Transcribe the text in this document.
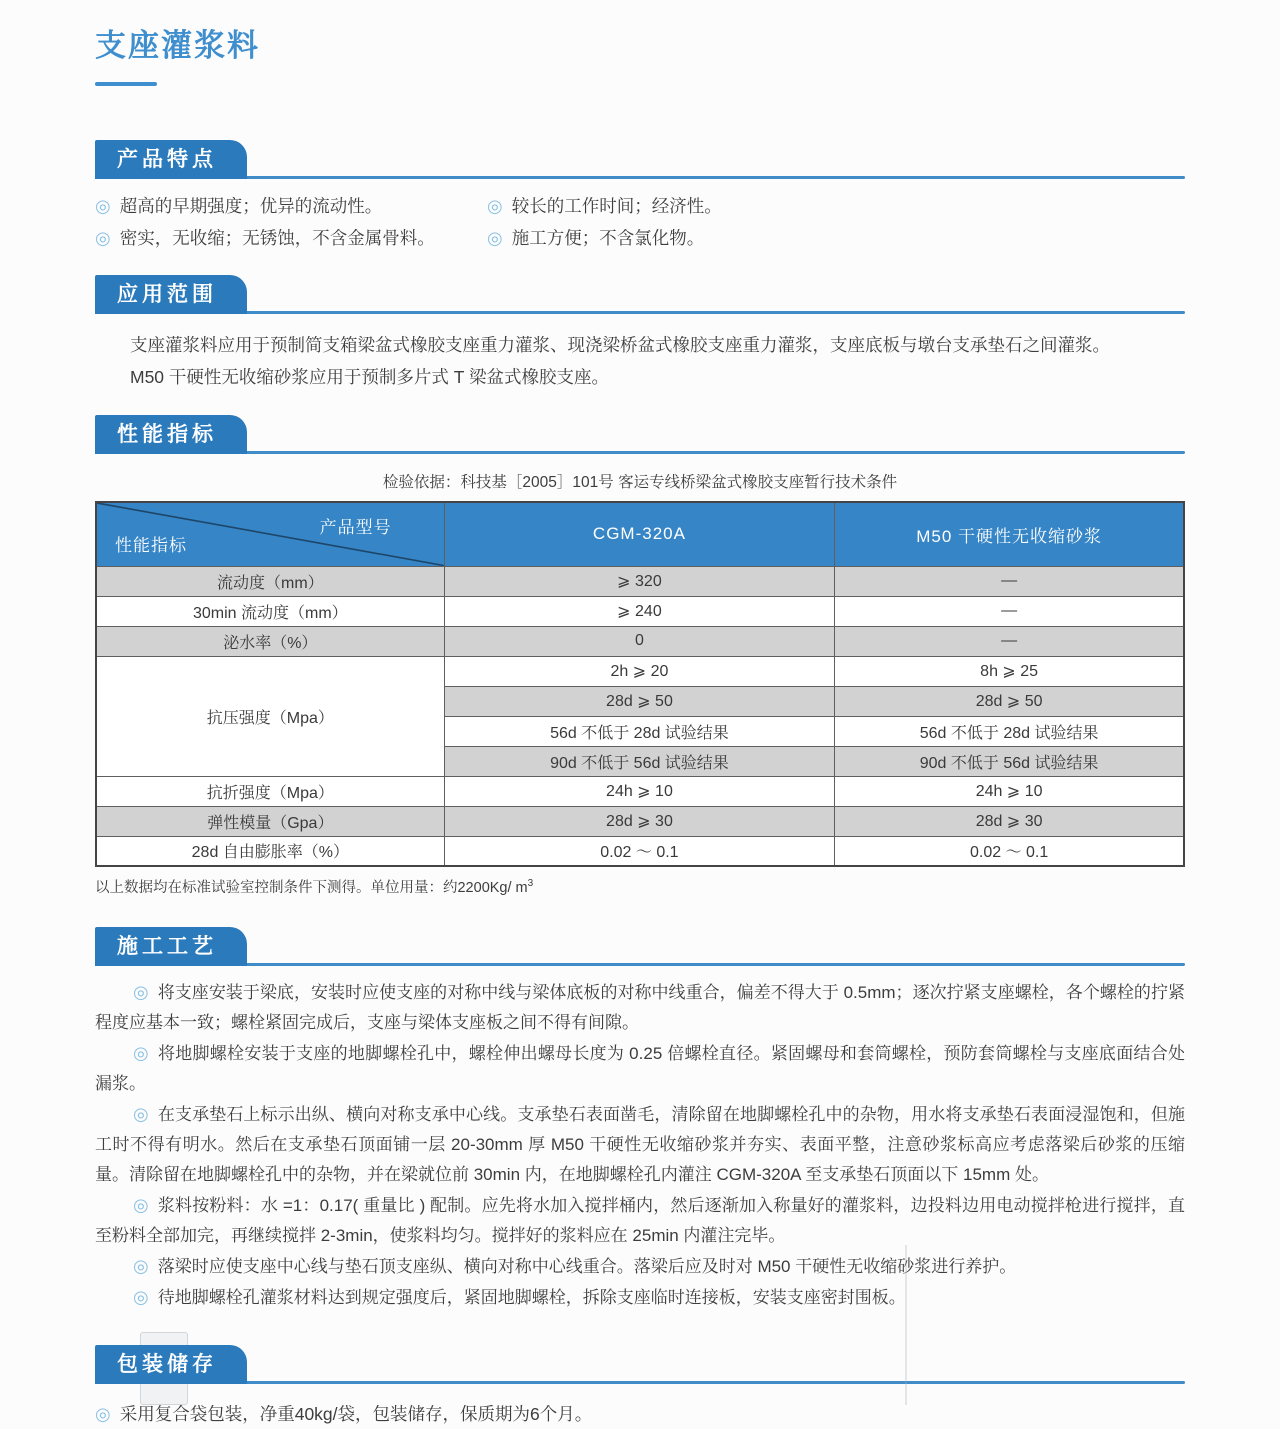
支座灌浆料
产品特点
◎ 超高的早期强度；优异的流动性。	◎ 较长的工作时间；经济性。
◎ 密实，无收缩；无锈蚀，不含金属骨料。	◎ 施工方便；不含氯化物。
应用范围

支座灌浆料应用于预制简支箱梁盆式橡胶支座重力灌浆、现浇梁桥盆式橡胶支座重力灌浆，支座底板与墩台支承垫石之间灌浆。

M50 干硬性无收缩砂浆应用于预制多片式 T 梁盆式橡胶支座。

性能指标
检验依据：科技基［2005］101号 客运专线桥梁盆式橡胶支座暂行技术条件
产品型号
性能指标	CGM-320A	M50 干硬性无收缩砂浆
流动度（mm）	⩾ 320	—
30min 流动度（mm）	⩾ 240	—
泌水率（%）	0	—
抗压强度（Mpa）	2h ⩾ 20	8h ⩾ 25
	28d ⩾ 50	28d ⩾ 50
	56d 不低于 28d 试验结果	56d 不低于 28d 试验结果
	90d 不低于 56d 试验结果	90d 不低于 56d 试验结果
抗折强度（Mpa）	24h ⩾ 10	24h ⩾ 10
弹性模量（Gpa）	28d ⩾ 30	28d ⩾ 30
28d 自由膨胀率（%）	0.02 ～ 0.1	0.02 ～ 0.1
以上数据均在标准试验室控制条件下测得。单位用量：约2200Kg/ $m^3$
施工工艺

◎ 将支座安装于梁底，安装时应使支座的对称中线与梁体底板的对称中线重合，偏差不得大于 0.5mm；逐次拧紧支座螺栓，各个螺栓的拧紧程度应基本一致；螺栓紧固完成后，支座与梁体支座板之间不得有间隙。

◎ 将地脚螺栓安装于支座的地脚螺栓孔中，螺栓伸出螺母长度为 0.25 倍螺栓直径。紧固螺母和套筒螺栓，预防套筒螺栓与支座底面结合处漏浆。

◎ 在支承垫石上标示出纵、横向对称支承中心线。支承垫石表面凿毛，清除留在地脚螺栓孔中的杂物，用水将支承垫石表面浸湿饱和，但施工时不得有明水。然后在支承垫石顶面铺一层 20-30mm 厚 M50 干硬性无收缩砂浆并夯实、表面平整，注意砂浆标高应考虑落梁后砂浆的压缩量。清除留在地脚螺栓孔中的杂物，并在梁就位前 30min 内，在地脚螺栓孔内灌注 CGM-320A 至支承垫石顶面以下 15mm 处。

◎ 浆料按粉料：水 =1：0.17( 重量比 ) 配制。应先将水加入搅拌桶内，然后逐渐加入称量好的灌浆料，边投料边用电动搅拌枪进行搅拌，直至粉料全部加完，再继续搅拌 2-3min，使浆料均匀。搅拌好的浆料应在 25min 内灌注完毕。

◎ 落梁时应使支座中心线与垫石顶支座纵、横向对称中心线重合。落梁后应及时对 M50 干硬性无收缩砂浆进行养护。

◎ 待地脚螺栓孔灌浆材料达到规定强度后，紧固地脚螺栓，拆除支座临时连接板，安装支座密封围板。

包装储存
◎ 采用复合袋包装，净重40kg/袋，包装储存，保质期为6个月。
